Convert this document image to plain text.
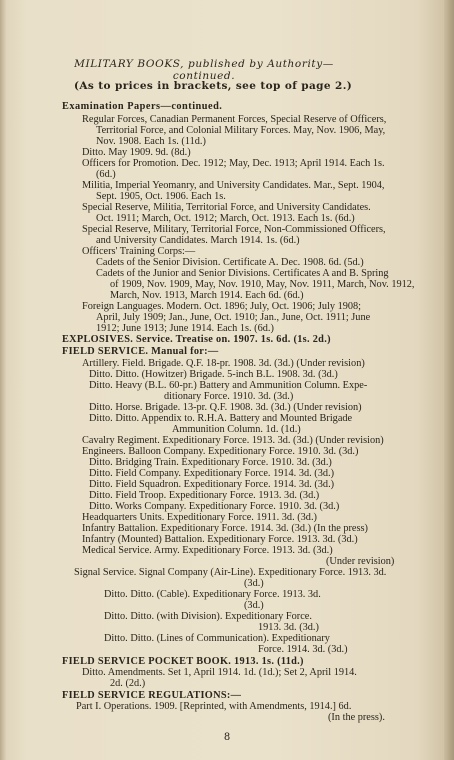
MILITARY BOOKS, published by Authority—continued.
(As to prices in brackets, see top of page 2.)
Examination Papers—continued.
Regular Forces, Canadian Permanent Forces, Special Reserve of Officers,
Territorial Force, and Colonial Military Forces. May, Nov. 1906, May,
Nov. 1908. Each 1s. (11d.)
Ditto. May 1909. 9d. (8d.)
Officers for Promotion. Dec. 1912; May, Dec. 1913; April 1914. Each 1s.
(6d.)
Militia, Imperial Yeomanry, and University Candidates. Mar., Sept. 1904,
Sept. 1905, Oct. 1906. Each 1s.
Special Reserve, Militia, Territorial Force, and University Candidates.
Oct. 1911; March, Oct. 1912; March, Oct. 1913. Each 1s. (6d.)
Special Reserve, Military, Territorial Force, Non-Commissioned Officers,
and University Candidates. March 1914. 1s. (6d.)
Officers' Training Corps:—
Cadets of the Senior Division. Certificate A. Dec. 1908. 6d. (5d.)
Cadets of the Junior and Senior Divisions. Certificates A and B. Spring
of 1909, Nov. 1909, May, Nov. 1910, May, Nov. 1911, March, Nov. 1912,
March, Nov. 1913, March 1914. Each 6d. (6d.)
Foreign Languages. Modern. Oct. 1896; July, Oct. 1906; July 1908;
April, July 1909; Jan., June, Oct. 1910; Jan., June, Oct. 1911; June
1912; June 1913; June 1914. Each 1s. (6d.)
EXPLOSIVES. Service. Treatise on. 1907. 1s. 6d. (1s. 2d.)
FIELD SERVICE. Manual for:—
Artillery. Field. Brigade. Q.F. 18-pr. 1908. 3d. (3d.) (Under revision)
Ditto. Ditto. (Howitzer) Brigade. 5-inch B.L. 1908. 3d. (3d.)
Ditto. Heavy (B.L. 60-pr.) Battery and Ammunition Column. Expe-
ditionary Force. 1910. 3d. (3d.)
Ditto. Horse. Brigade. 13-pr. Q.F. 1908. 3d. (3d.) (Under revision)
Ditto. Ditto. Appendix to. R.H.A. Battery and Mounted Brigade
Ammunition Column. 1d. (1d.)
Cavalry Regiment. Expeditionary Force. 1913. 3d. (3d.) (Under revision)
Engineers. Balloon Company. Expeditionary Force. 1910. 3d. (3d.)
Ditto. Bridging Train. Expeditionary Force. 1910. 3d. (3d.)
Ditto. Field Company. Expeditionary Force. 1914. 3d. (3d.)
Ditto. Field Squadron. Expeditionary Force. 1914. 3d. (3d.)
Ditto. Field Troop. Expeditionary Force. 1913. 3d. (3d.)
Ditto. Works Company. Expeditionary Force. 1910. 3d. (3d.)
Headquarters Units. Expeditionary Force. 1911. 3d. (3d.)
Infantry Battalion. Expeditionary Force. 1914. 3d. (3d.) (In the press)
Infantry (Mounted) Battalion. Expeditionary Force. 1913. 3d. (3d.)
Medical Service. Army. Expeditionary Force. 1913. 3d. (3d.)
(Under revision)
Signal Service. Signal Company (Air-Line). Expeditionary Force. 1913. 3d.
(3d.)
Ditto. Ditto. (Cable). Expeditionary Force. 1913. 3d.
(3d.)
Ditto. Ditto. (with Division). Expeditionary Force.
1913. 3d. (3d.)
Ditto. Ditto. (Lines of Communication). Expeditionary
Force. 1914. 3d. (3d.)
FIELD SERVICE POCKET BOOK. 1913. 1s. (11d.)
Ditto. Amendments. Set 1, April 1914. 1d. (1d.); Set 2, April 1914.
2d. (2d.)
FIELD SERVICE REGULATIONS:—
Part I. Operations. 1909. [Reprinted, with Amendments, 1914.] 6d.
(In the press).
8
